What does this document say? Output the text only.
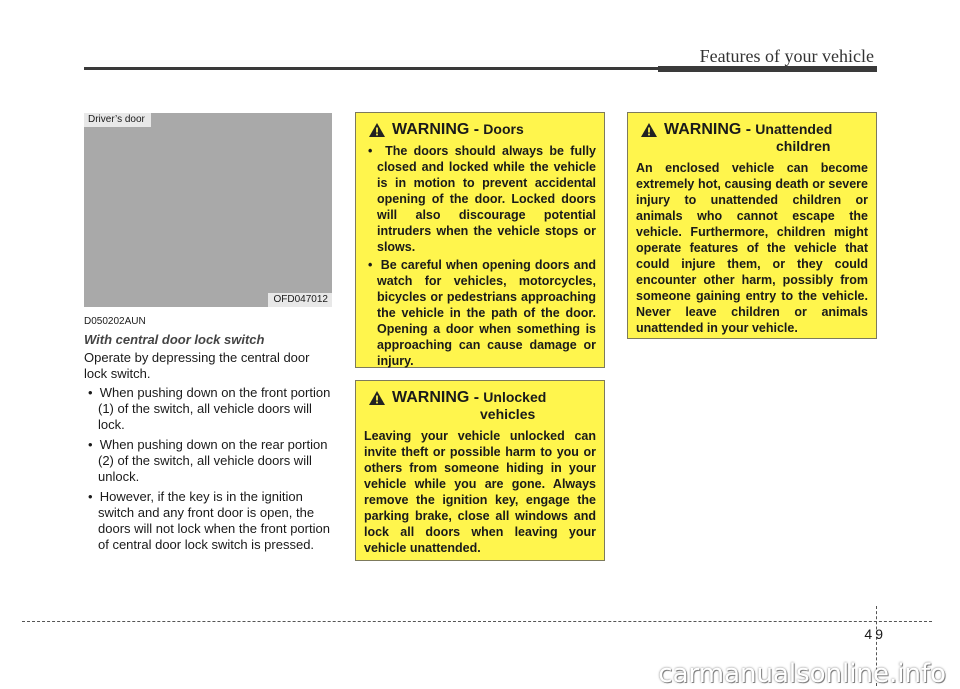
Features of your vehicle
Driver’s door
OFD047012
D050202AUN
With central door lock switch
Operate by depressing the central door lock switch.
•  When pushing down on the front portion (1) of the switch, all vehicle doors will lock.
•  When pushing down on the rear portion (2) of the switch, all vehicle doors will unlock.
•  However, if the key is in the ignition switch and any front door is open, the doors will not lock when the front portion of central door lock switch is pressed.
WARNING - Doors
•  The doors should always be fully closed and locked while the vehicle is in motion to prevent accidental opening of the door. Locked doors will also discourage potential intruders when the vehicle stops or slows.
•  Be careful when opening doors and watch for vehicles, motorcycles, bicycles or pedestrians approaching the vehicle in the path of the door. Opening a door when something is approaching can cause damage or injury.
WARNING - Unlocked
vehicles
Leaving your vehicle unlocked can invite theft or possible harm to you or others from someone hiding in your vehicle while you are gone. Always remove the ignition key, engage the parking brake, close all windows and lock all doors when leaving your vehicle unattended.
WARNING - Unattended
children
An enclosed vehicle can become extremely hot, causing death or severe injury to unattended children or animals who cannot escape the vehicle. Furthermore, children might operate features of the vehicle that could injure them, or they could encounter other harm, possibly from someone gaining entry to the vehicle. Never leave children or animals unattended in your vehicle.
49
carmanualsonline.info
